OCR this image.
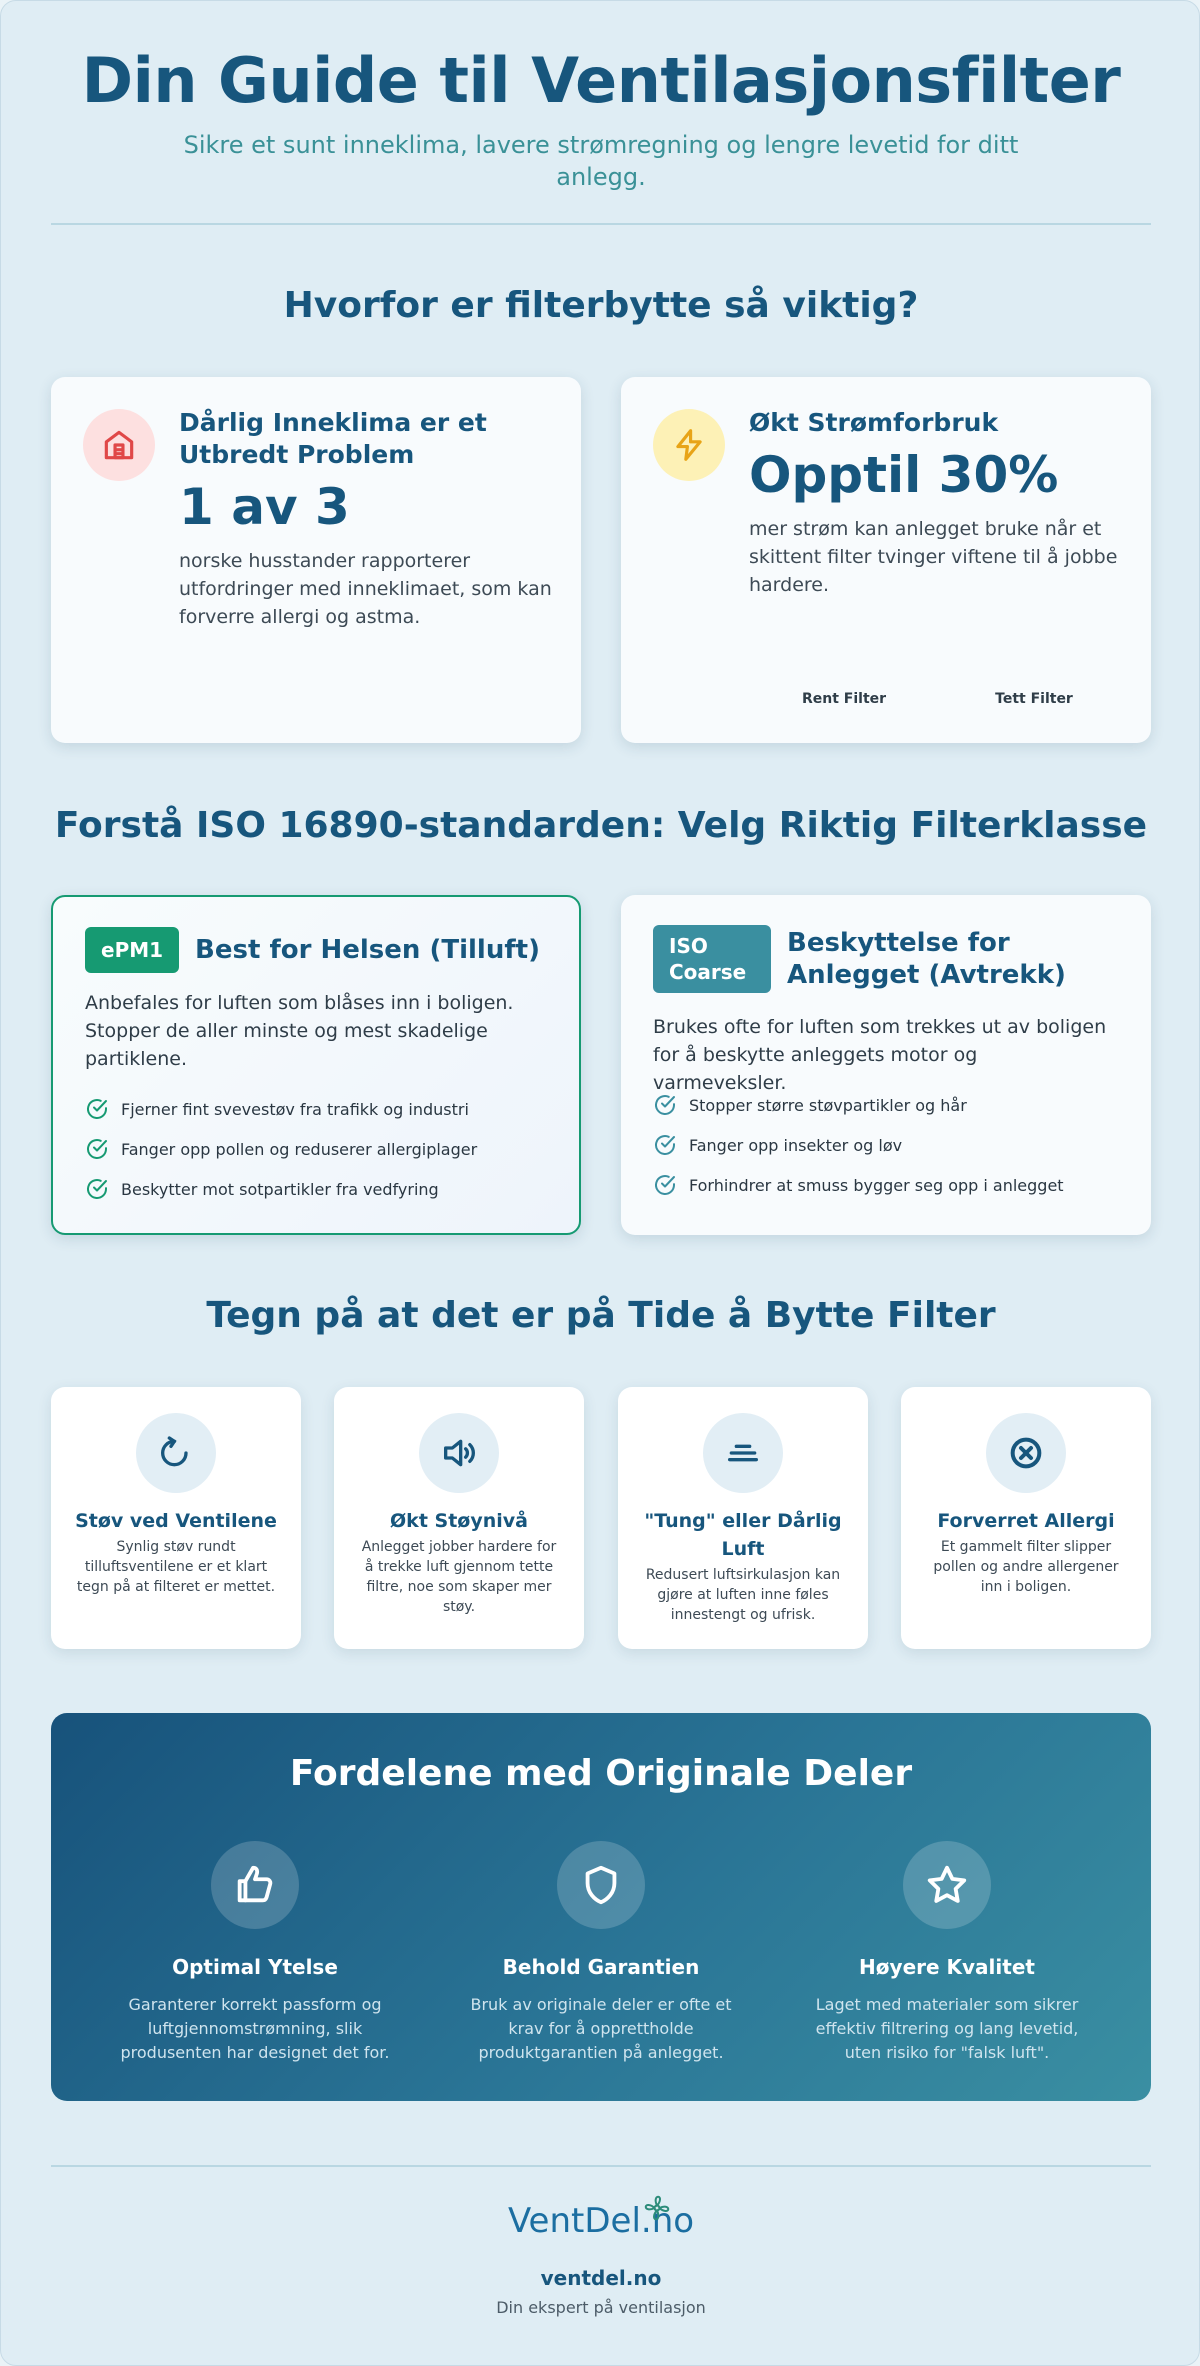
Din Guide til Ventilasjonsfilter

Sikre et sunt inneklima, lavere strømregning og lengre levetid for ditt anlegg.

Hvorfor er filterbytte så viktig?
Dårlig Inneklima er et Utbredt Problem
1 av 3
norske husstander rapporterer utfordringer med inneklimaet, som kan forverre allergi og astma.
Økt Strømforbruk
Opptil 30%
mer strøm kan anlegget bruke når et skittent filter tvinger viftene til å jobbe hardere.
Rent Filter	Tett Filter
Forstå ISO 16890-standarden: Velg Riktig Filterklasse
ePM1	Best for Helsen (Tilluft)
Anbefales for luften som blåses inn i boligen. Stopper de aller minste og mest skadelige partiklene.
Fjerner fint svevestøv fra trafikk og industri
Fanger opp pollen og reduserer allergiplager
Beskytter mot sotpartikler fra vedfyring
ISO
Coarse
Beskyttelse for
Anlegget (Avtrekk)
Brukes ofte for luften som trekkes ut av boligen for å beskytte anleggets motor og varmeveksler.
Stopper større støvpartikler og hår
Fanger opp insekter og løv
Forhindrer at smuss bygger seg opp i anlegget
Tegn på at det er på Tide å Bytte Filter
Støv ved Ventilene
Synlig støv rundt tilluftsventilene er et klart tegn på at filteret er mettet.
Økt Støynivå
Anlegget jobber hardere for å trekke luft gjennom tette filtre, noe som skaper mer støy.
"Tung" eller Dårlig Luft
Redusert luftsirkulasjon kan gjøre at luften inne føles innestengt og ufrisk.
Forverret Allergi
Et gammelt filter slipper pollen og andre allergener inn i boligen.
Fordelene med Originale Deler
Optimal Ytelse
Garanterer korrekt passform og luftgjennomstrømning, slik produsenten har designet det for.
Behold Garantien
Bruk av originale deler er ofte et krav for å opprettholde produktgarantien på anlegget.
Høyere Kvalitet
Laget med materialer som sikrer effektiv filtrering og lang levetid, uten risiko for "falsk luft".
VentDel.no
ventdel.no
Din ekspert på ventilasjon
